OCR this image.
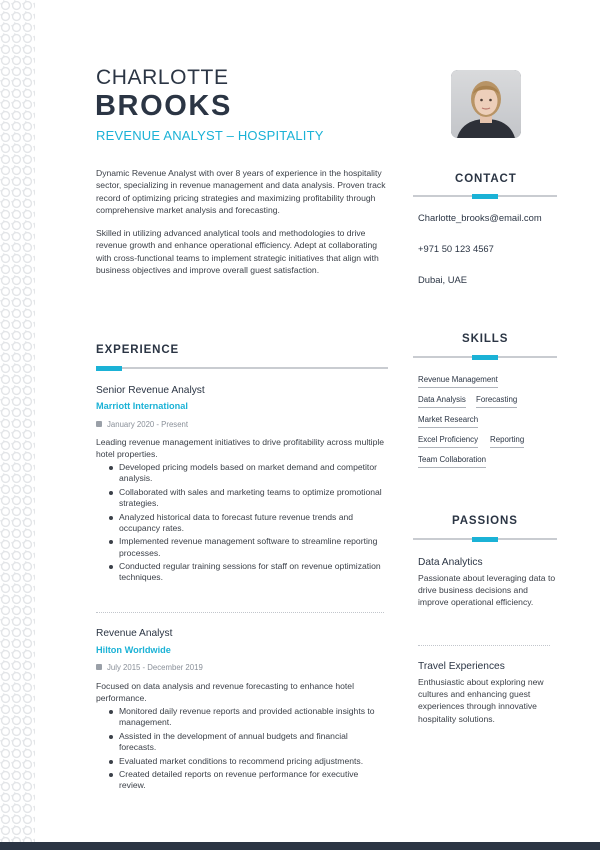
CHARLOTTE
BROOKS
REVENUE ANALYST – HOSPITALITY

Dynamic Revenue Analyst with over 8 years of experience in the hospitality sector, specializing in revenue management and data analysis. Proven track record of optimizing pricing strategies and maximizing profitability through comprehensive market analysis and forecasting.

Skilled in utilizing advanced analytical tools and methodologies to drive revenue growth and enhance operational efficiency. Adept at collaborating with cross-functional teams to implement strategic initiatives that align with business objectives and improve overall guest satisfaction.

CONTACT
Charlotte_brooks@email.com
+971 50 123 4567
Dubai, UAE
SKILLS
Revenue Management
Data Analysis Forecasting
Market Research
Excel Proficiency Reporting
Team Collaboration
PASSIONS
Data Analytics
Passionate about leveraging data to drive business decisions and improve operational efficiency.
Travel Experiences
Enthusiastic about exploring new cultures and enhancing guest experiences through innovative hospitality solutions.
EXPERIENCE
Senior Revenue Analyst
Marriott International
January 2020 - Present
Leading revenue management initiatives to drive profitability across multiple hotel properties.
Developed pricing models based on market demand and competitor analysis.
Collaborated with sales and marketing teams to optimize promotional strategies.
Analyzed historical data to forecast future revenue trends and occupancy rates.
Implemented revenue management software to streamline reporting processes.
Conducted regular training sessions for staff on revenue optimization techniques.
Revenue Analyst
Hilton Worldwide
July 2015 - December 2019
Focused on data analysis and revenue forecasting to enhance hotel performance.
Monitored daily revenue reports and provided actionable insights to management.
Assisted in the development of annual budgets and financial forecasts.
Evaluated market conditions to recommend pricing adjustments.
Created detailed reports on revenue performance for executive review.
